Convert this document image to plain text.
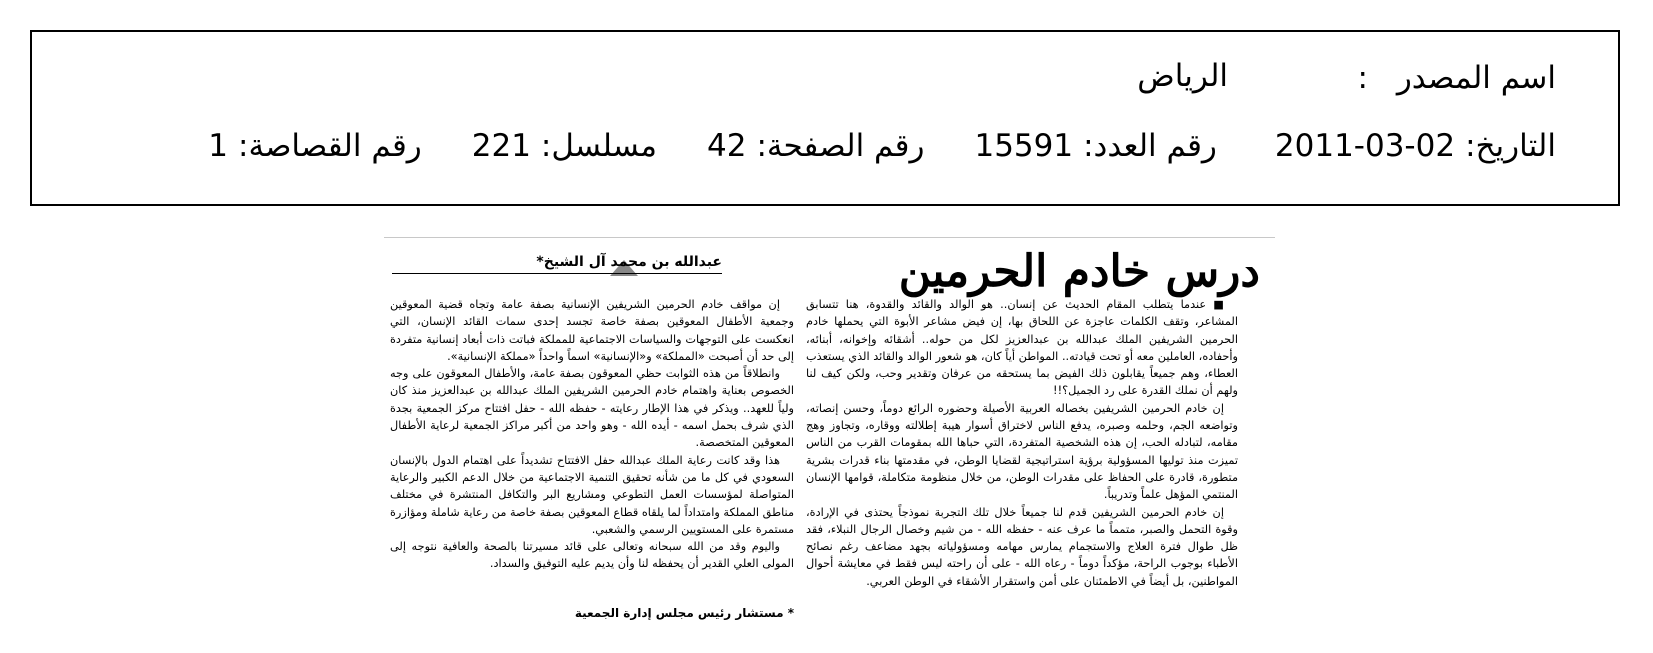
اسم المصدر
:
الرياض
التاريخ:
2011-03-02
رقم العدد:
15591
رقم الصفحة:
42
مسلسل:
221
رقم القصاصة:
1
درس خادم الحرمين
عبدالله بن محمد آل الشيخ*

■ عندما يتطلب المقام الحديث عن إنسان.. هو الوالد والقائد والقدوة، هنا تتسابق المشاعر، وتقف الكلمات عاجزة عن اللحاق بها، إن فيض مشاعر الأبوة التي يحملها خادم الحرمين الشريفين الملك عبدالله بن عبدالعزيز لكل من حوله.. أشقائه وإخوانه، أبنائه، وأحفاده، العاملين معه أو تحت قيادته.. المواطن أياً كان، هو شعور الوالد والقائد الذي يستعذب العطاء، وهم جميعاً يقابلون ذلك الفيض بما يستحقه من عرفان وتقدير وحب، ولكن كيف لنا ولهم أن نملك القدرة على رد الجميل؟!!

إن خادم الحرمين الشريفين بخصاله العربية الأصيلة وحضوره الرائع دوماً، وحسن إنصاته، وتواضعه الجم، وحلمه وصبره، يدفع الناس لاختراق أسوار هيبة إطلالته ووقاره، وتجاوز وهج مقامه، لتبادله الحب، إن هذه الشخصية المتفردة، التي حباها الله بمقومات القرب من الناس تميزت منذ توليها المسؤولية برؤية استراتيجية لقضايا الوطن، في مقدمتها بناء قدرات بشرية متطورة، قادرة على الحفاظ على مقدرات الوطن، من خلال منظومة متكاملة، قوامها الإنسان المنتمي المؤهل علماً وتدريباً.

إن خادم الحرمين الشريفين قدم لنا جميعاً خلال تلك التجربة نموذجاً يحتذى في الإرادة، وقوة التحمل والصبر، متمماً ما عرف عنه - حفظه الله - من شيم وخصال الرجال النبلاء، فقد ظل طوال فترة العلاج والاستجمام يمارس مهامه ومسؤولياته بجهد مضاعف رغم نصائح الأطباء بوجوب الراحة، مؤكداً دوماً - رعاه الله - على أن راحته ليس فقط في معايشة أحوال المواطنين، بل أيضاً في الاطمئنان على أمن واستقرار الأشقاء في الوطن العربي.

إن مواقف خادم الحرمين الشريفين الإنسانية بصفة عامة وتجاه قضية المعوقين وجمعية الأطفال المعوقين بصفة خاصة تجسد إحدى سمات القائد الإنسان، التي انعكست على التوجهات والسياسات الاجتماعية للمملكة فباتت ذات أبعاد إنسانية متفردة إلى حد أن أصبحت «المملكة» و«الإنسانية» اسماً واحداً «مملكة الإنسانية».

وانطلاقاً من هذه الثوابت حظي المعوقون بصفة عامة، والأطفال المعوقون على وجه الخصوص بعناية واهتمام خادم الحرمين الشريفين الملك عبدالله بن عبدالعزيز منذ كان ولياً للعهد.. ويذكر في هذا الإطار رعايته - حفظه الله - حفل افتتاح مركز الجمعية بجدة الذي شرف بحمل اسمه - أيده الله - وهو واحد من أكبر مراكز الجمعية لرعاية الأطفال المعوقين المتخصصة.

هذا وقد كانت رعاية الملك عبدالله حفل الافتتاح تشديداً على اهتمام الدول بالإنسان السعودي في كل ما من شأنه تحقيق التنمية الاجتماعية من خلال الدعم الكبير والرعاية المتواصلة لمؤسسات العمل التطوعي ومشاريع البر والتكافل المنتشرة في مختلف مناطق المملكة وامتداداً لما يلقاه قطاع المعوقين بصفة خاصة من رعاية شاملة ومؤازرة مستمرة على المستويين الرسمي والشعبي.

واليوم وقد من الله سبحانه وتعالى على قائد مسيرتنا بالصحة والعافية نتوجه إلى المولى العلي القدير أن يحفظه لنا وأن يديم عليه التوفيق والسداد.

* مستشار رئيس مجلس إدارة الجمعية
